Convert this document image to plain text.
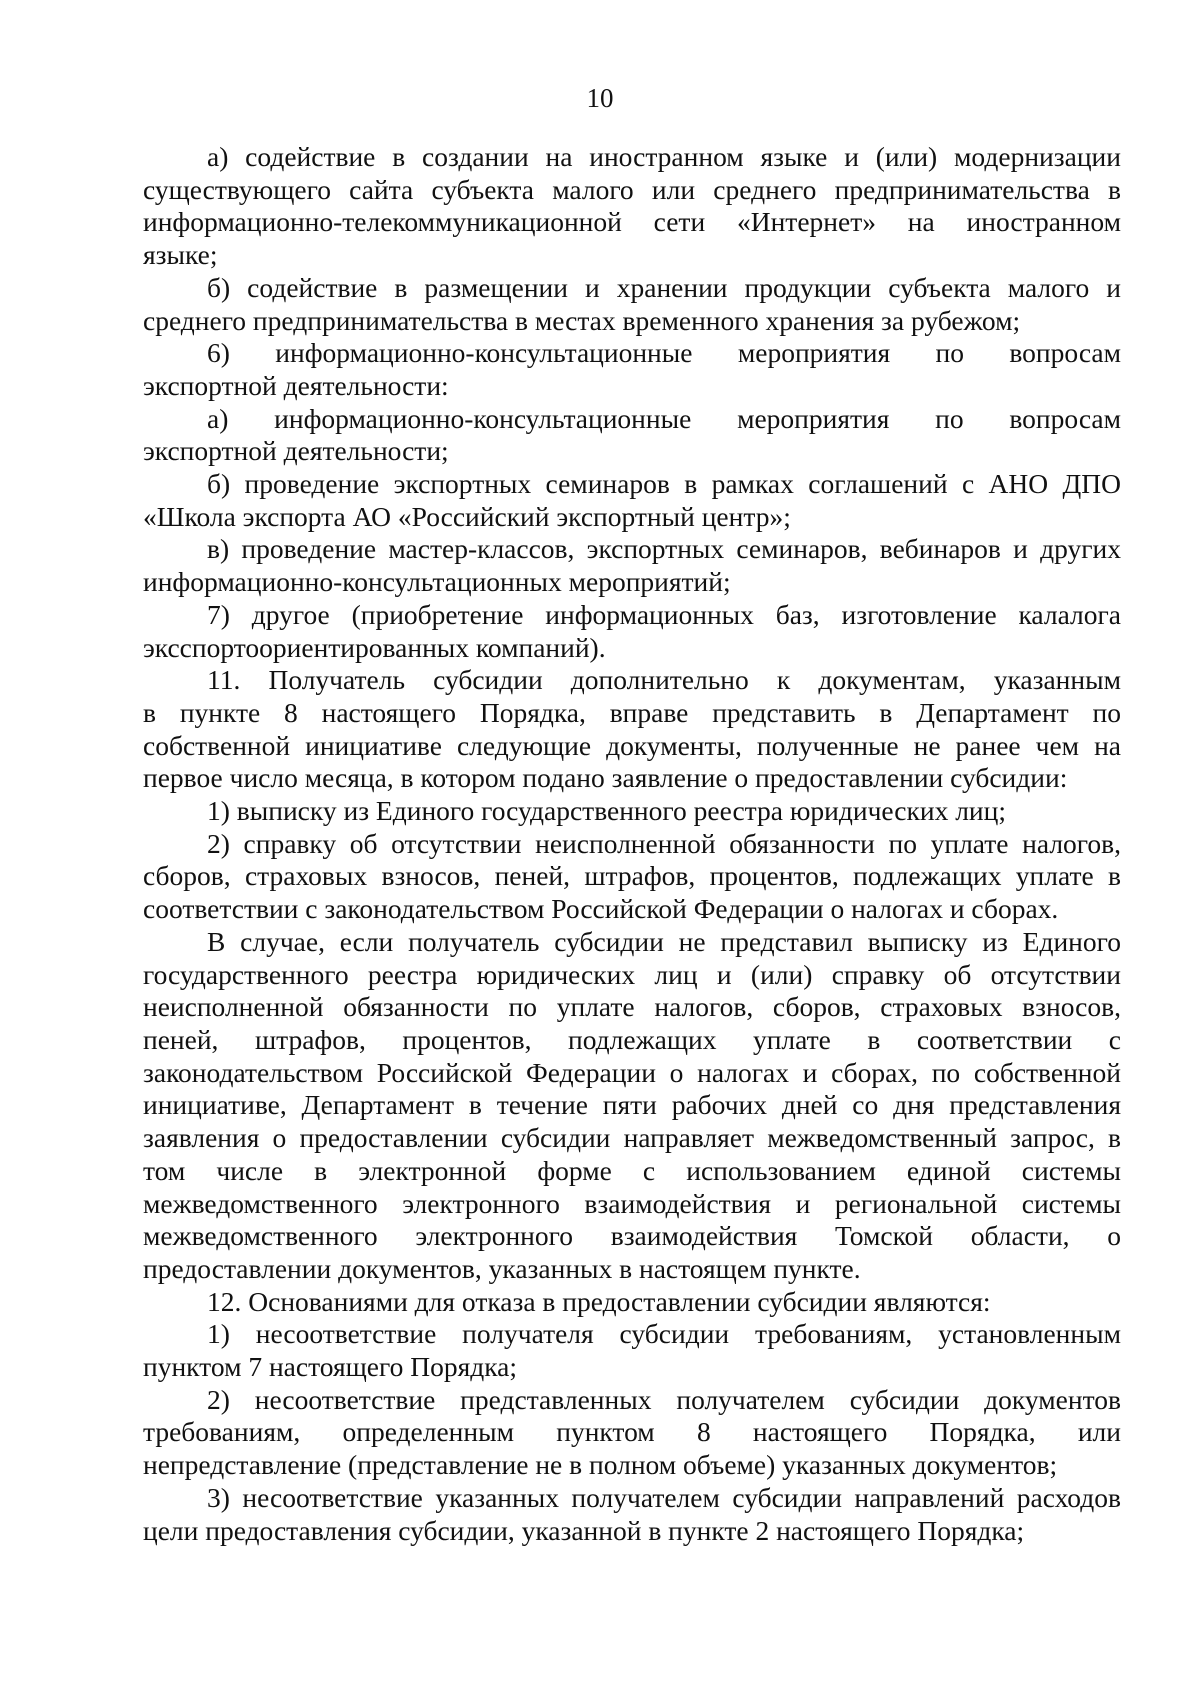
10

а) содействие в создании на иностранном языке и (или) модернизации
существующего сайта субъекта малого или среднего предпринимательства в
информационно-телекоммуникационной сети «Интернет» на иностранном
языке;

б) содействие в размещении и хранении продукции субъекта малого и
среднего предпринимательства в местах временного хранения за рубежом;

6) информационно-консультационные мероприятия по вопросам
экспортной деятельности:

а) информационно-консультационные мероприятия по вопросам
экспортной деятельности;

б) проведение экспортных семинаров в рамках соглашений с АНО ДПО
«Школа экспорта АО «Российский экспортный центр»;

в) проведение мастер-классов, экспортных семинаров, вебинаров и других
информационно-консультационных мероприятий;

7) другое (приобретение информационных баз, изготовление калалога
эксспортоориентированных компаний).

11. Получатель субсидии дополнительно к документам, указанным
в пункте 8 настоящего Порядка, вправе представить в Департамент по
собственной инициативе следующие документы, полученные не ранее чем на
первое число месяца, в котором подано заявление о предоставлении субсидии:

1) выписку из Единого государственного реестра юридических лиц;

2) справку об отсутствии неисполненной обязанности по уплате налогов,
сборов, страховых взносов, пеней, штрафов, процентов, подлежащих уплате в
соответствии с законодательством Российской Федерации о налогах и сборах.

В случае, если получатель субсидии не представил выписку из Единого
государственного реестра юридических лиц и (или) справку об отсутствии
неисполненной обязанности по уплате налогов, сборов, страховых взносов,
пеней, штрафов, процентов, подлежащих уплате в соответствии с
законодательством Российской Федерации о налогах и сборах, по собственной
инициативе, Департамент в течение пяти рабочих дней со дня представления
заявления о предоставлении субсидии направляет межведомственный запрос, в
том числе в электронной форме с использованием единой системы
межведомственного электронного взаимодействия и региональной системы
межведомственного электронного взаимодействия Томской области, о
предоставлении документов, указанных в настоящем пункте.

12. Основаниями для отказа в предоставлении субсидии являются:

1) несоответствие получателя субсидии требованиям, установленным
пунктом 7 настоящего Порядка;

2) несоответствие представленных получателем субсидии документов
требованиям, определенным пунктом 8 настоящего Порядка, или
непредставление (представление не в полном объеме) указанных документов;

3) несоответствие указанных получателем субсидии направлений расходов
цели предоставления субсидии, указанной в пункте 2 настоящего Порядка;
